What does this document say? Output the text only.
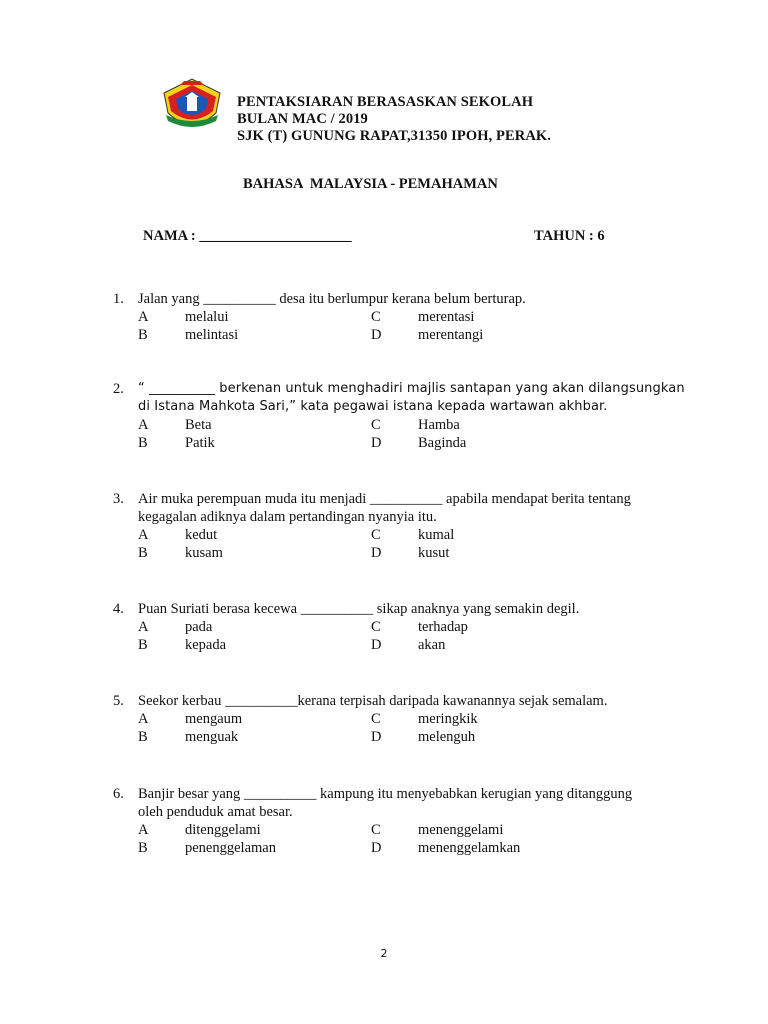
PENTAKSIARAN BERASASKAN SEKOLAH
BULAN MAC / 2019
SJK (T) GUNUNG RAPAT,31350 IPOH, PERAK.
BAHASA  MALAYSIA - PEMAHAMAN
NAMA : _____________________	TAHUN : 6
1. Jalan yang __________ desa itu berlumpur kerana belum berturap.
A	melalui	C	merentasi
B	melintasi	D	merentangi
2.	“ __________ berkenan untuk menghadiri majlis santapan yang akan dilangsungkan
di Istana Mahkota Sari,” kata pegawai istana kepada wartawan akhbar.
A	Beta	C	Hamba
B	Patik	D	Baginda
3. Air muka perempuan muda itu menjadi __________ apabila mendapat berita tentang
kegagalan adiknya dalam pertandingan nyanyia itu.
A	kedut	C	kumal
B	kusam	D	kusut
4. Puan Suriati berasa kecewa __________ sikap anaknya yang semakin degil.
A	pada	C	terhadap
B	kepada	D	akan
5. Seekor kerbau __________kerana terpisah daripada kawanannya sejak semalam.
A	mengaum	C	meringkik
B	menguak	D	melenguh
6. Banjir besar yang __________ kampung itu menyebabkan kerugian yang ditanggung
oleh penduduk amat besar.
A	ditenggelami	C	menenggelami
B	penenggelaman	D	menenggelamkan
2
